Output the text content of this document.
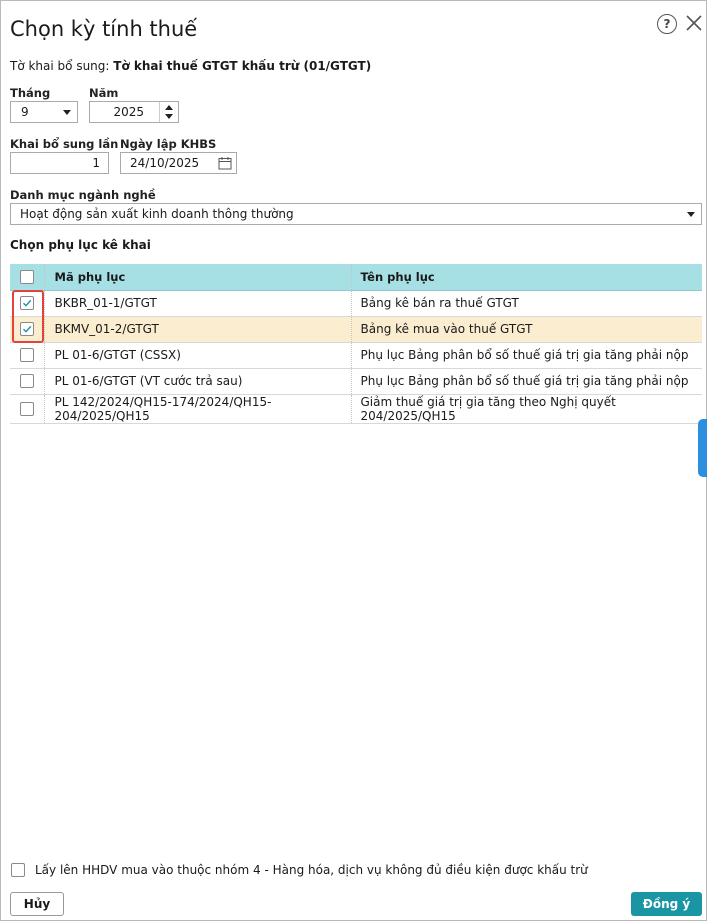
Chọn kỳ tính thuế	?
Tờ khai bổ sung: Tờ khai thuế GTGT khấu trừ (01/GTGT)
Tháng
9
Năm
2025
Khai bổ sung lần
1
Ngày lập KHBS
24/10/2025
Danh mục ngành nghề
Hoạt động sản xuất kinh doanh thông thường
Chọn phụ lục kê khai
	Mã phụ lục	Tên phụ lục

	BKBR_01-1/GTGT	Bảng kê bán ra thuế GTGT

	BKMV_01-2/GTGT	Bảng kê mua vào thuế GTGT
	PL 01-6/GTGT (CSSX)	Phụ lục Bảng phân bổ số thuế giá trị gia tăng phải nộp
	PL 01-6/GTGT (VT cước trả sau)	Phụ lục Bảng phân bổ số thuế giá trị gia tăng phải nộp
	PL 142/2024/QH15-174/2024/QH15-204/2025/QH15	Giảm thuế giá trị gia tăng theo Nghị quyết 204/2025/QH15
Lấy lên HHDV mua vào thuộc nhóm 4 - Hàng hóa, dịch vụ không đủ điều kiện được khấu trừ
Hủy	Đồng ý
